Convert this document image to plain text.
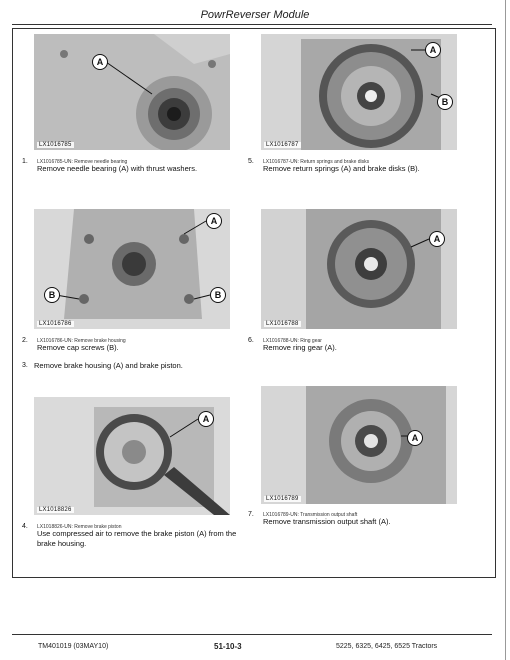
PowrReverser Module
A
LX1016785
A
B
LX1016787
1. LX1016785-UN: Remove needle bearing
Remove needle bearing (A) with thrust washers.
5. LX1016787-UN: Return springs and brake disks
Remove return springs (A) and brake disks (B).
A
B	B
LX1016786
A
LX1016788
2. LX1016786-UN: Remove brake housing
Remove cap screws (B).
6. LX1016788-UN: Ring gear
Remove ring gear (A).
3. Remove brake housing (A) and brake piston.
A
LX1018826
A
LX1016789
7. LX1016789-UN: Transmission output shaft
Remove transmission output shaft (A).
4. LX1018826-UN: Remove brake piston
Use compressed air to remove the brake piston (A) from the
brake housing.
TM401019 (03MAY10)	51-10-3	5225, 6325, 6425, 6525 Tractors
